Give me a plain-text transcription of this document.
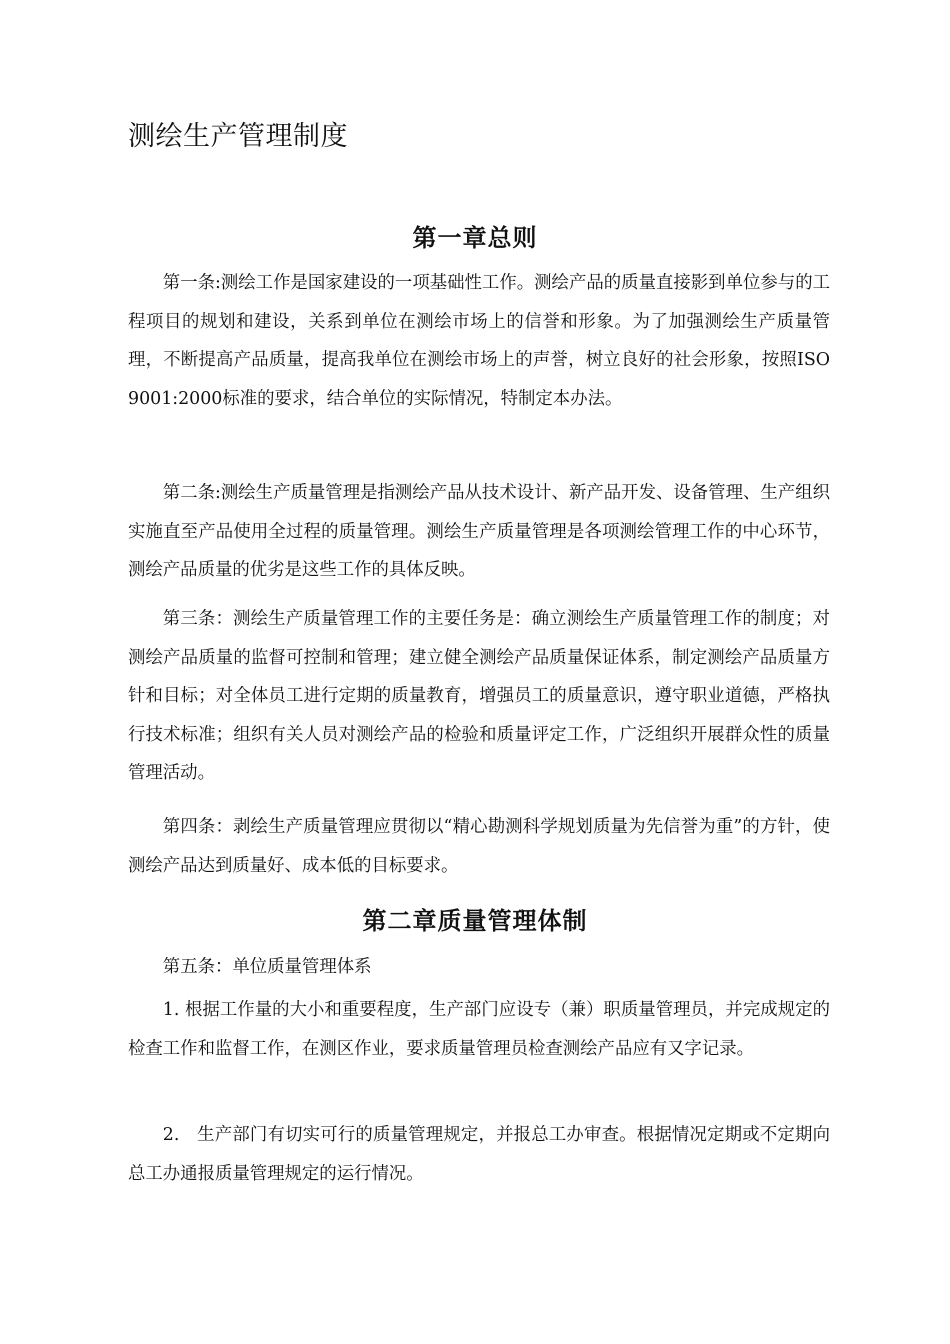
测绘生产管理制度
第一章总则

第一条:测绘工作是国家建设的一项基础性工作。测绘产品的质量直接影到单位参与的工程项目的规划和建设，关系到单位在测绘市场上的信誉和形象。为了加强测绘生产质量管理，不断提高产品质量，提高我单位在测绘市场上的声誉，树立良好的社会形象，按照ISO9001:2000标准的要求，结合单位的实际情况，特制定本办法。

第二条:测绘生产质量管理是指测绘产品从技术设计、新产品开发、设备管理、生产组织实施直至产品使用全过程的质量管理。测绘生产质量管理是各项测绘管理工作的中心环节，测绘产品质量的优劣是这些工作的具体反映。

第三条：测绘生产质量管理工作的主要任务是：确立测绘生产质量管理工作的制度；对测绘产品质量的监督可控制和管理；建立健全测绘产品质量保证体系，制定测绘产品质量方针和目标；对全体员工进行定期的质量教育，增强员工的质量意识，遵守职业道德，严格执行技术标准；组织有关人员对测绘产品的检验和质量评定工作，广泛组织开展群众性的质量管理活动。

第四条：剥绘生产质量管理应贯彻以“精心勘测科学规划质量为先信誉为重”的方针，使测绘产品达到质量好、成本低的目标要求。

第二章质量管理体制

第五条：单位质量管理体系

1. 根据工作量的大小和重要程度，生产部门应设专（兼）职质量管理员，并完成规定的检查工作和监督工作，在测区作业，要求质量管理员检查测绘产品应有又字记录。

2.　生产部门有切实可行的质量管理规定，并报总工办审查。根据情况定期或不定期向总工办通报质量管理规定的运行情况。
